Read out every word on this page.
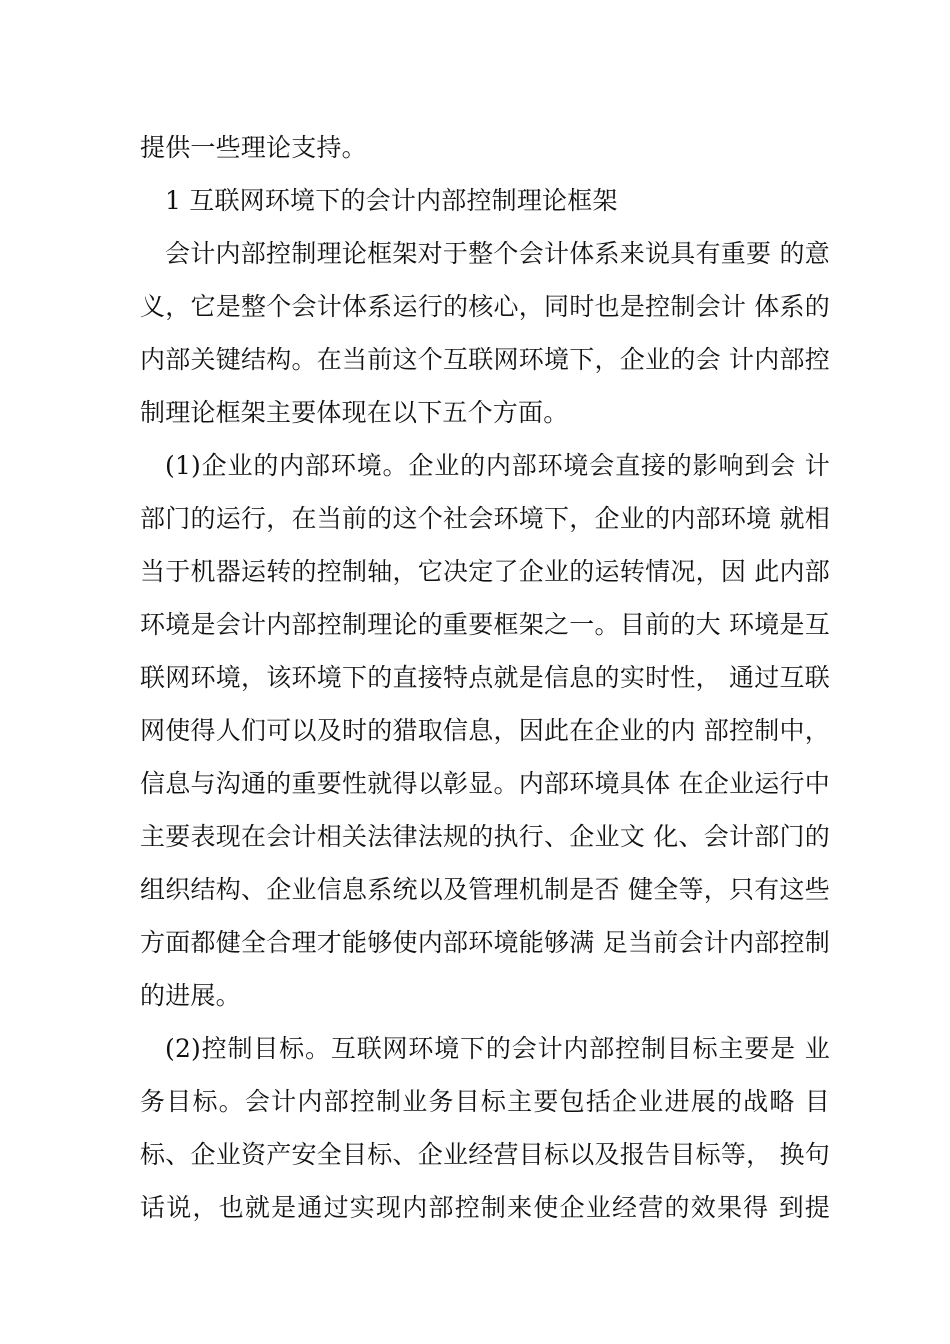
提供一些理论支持。
1 互联网环境下的会计内部控制理论框架
会计内部控制理论框架对于整个会计体系来说具有重要 的意
义，它是整个会计体系运行的核心，同时也是控制会计 体系的
内部关键结构。在当前这个互联网环境下，企业的会 计内部控
制理论框架主要体现在以下五个方面。
(1)企业的内部环境。企业的内部环境会直接的影响到会 计
部门的运行，在当前的这个社会环境下，企业的内部环境 就相
当于机器运转的控制轴，它决定了企业的运转情况，因 此内部
环境是会计内部控制理论的重要框架之一。目前的大 环境是互
联网环境，该环境下的直接特点就是信息的实时性， 通过互联
网使得人们可以及时的猎取信息，因此在企业的内 部控制中，
信息与沟通的重要性就得以彰显。内部环境具体 在企业运行中
主要表现在会计相关法律法规的执行、企业文 化、会计部门的
组织结构、企业信息系统以及管理机制是否 健全等，只有这些
方面都健全合理才能够使内部环境能够满 足当前会计内部控制
的进展。
(2)控制目标。互联网环境下的会计内部控制目标主要是 业
务目标。会计内部控制业务目标主要包括企业进展的战略 目
标、企业资产安全目标、企业经营目标以及报告目标等， 换句
话说，也就是通过实现内部控制来使企业经营的效果得 到提
